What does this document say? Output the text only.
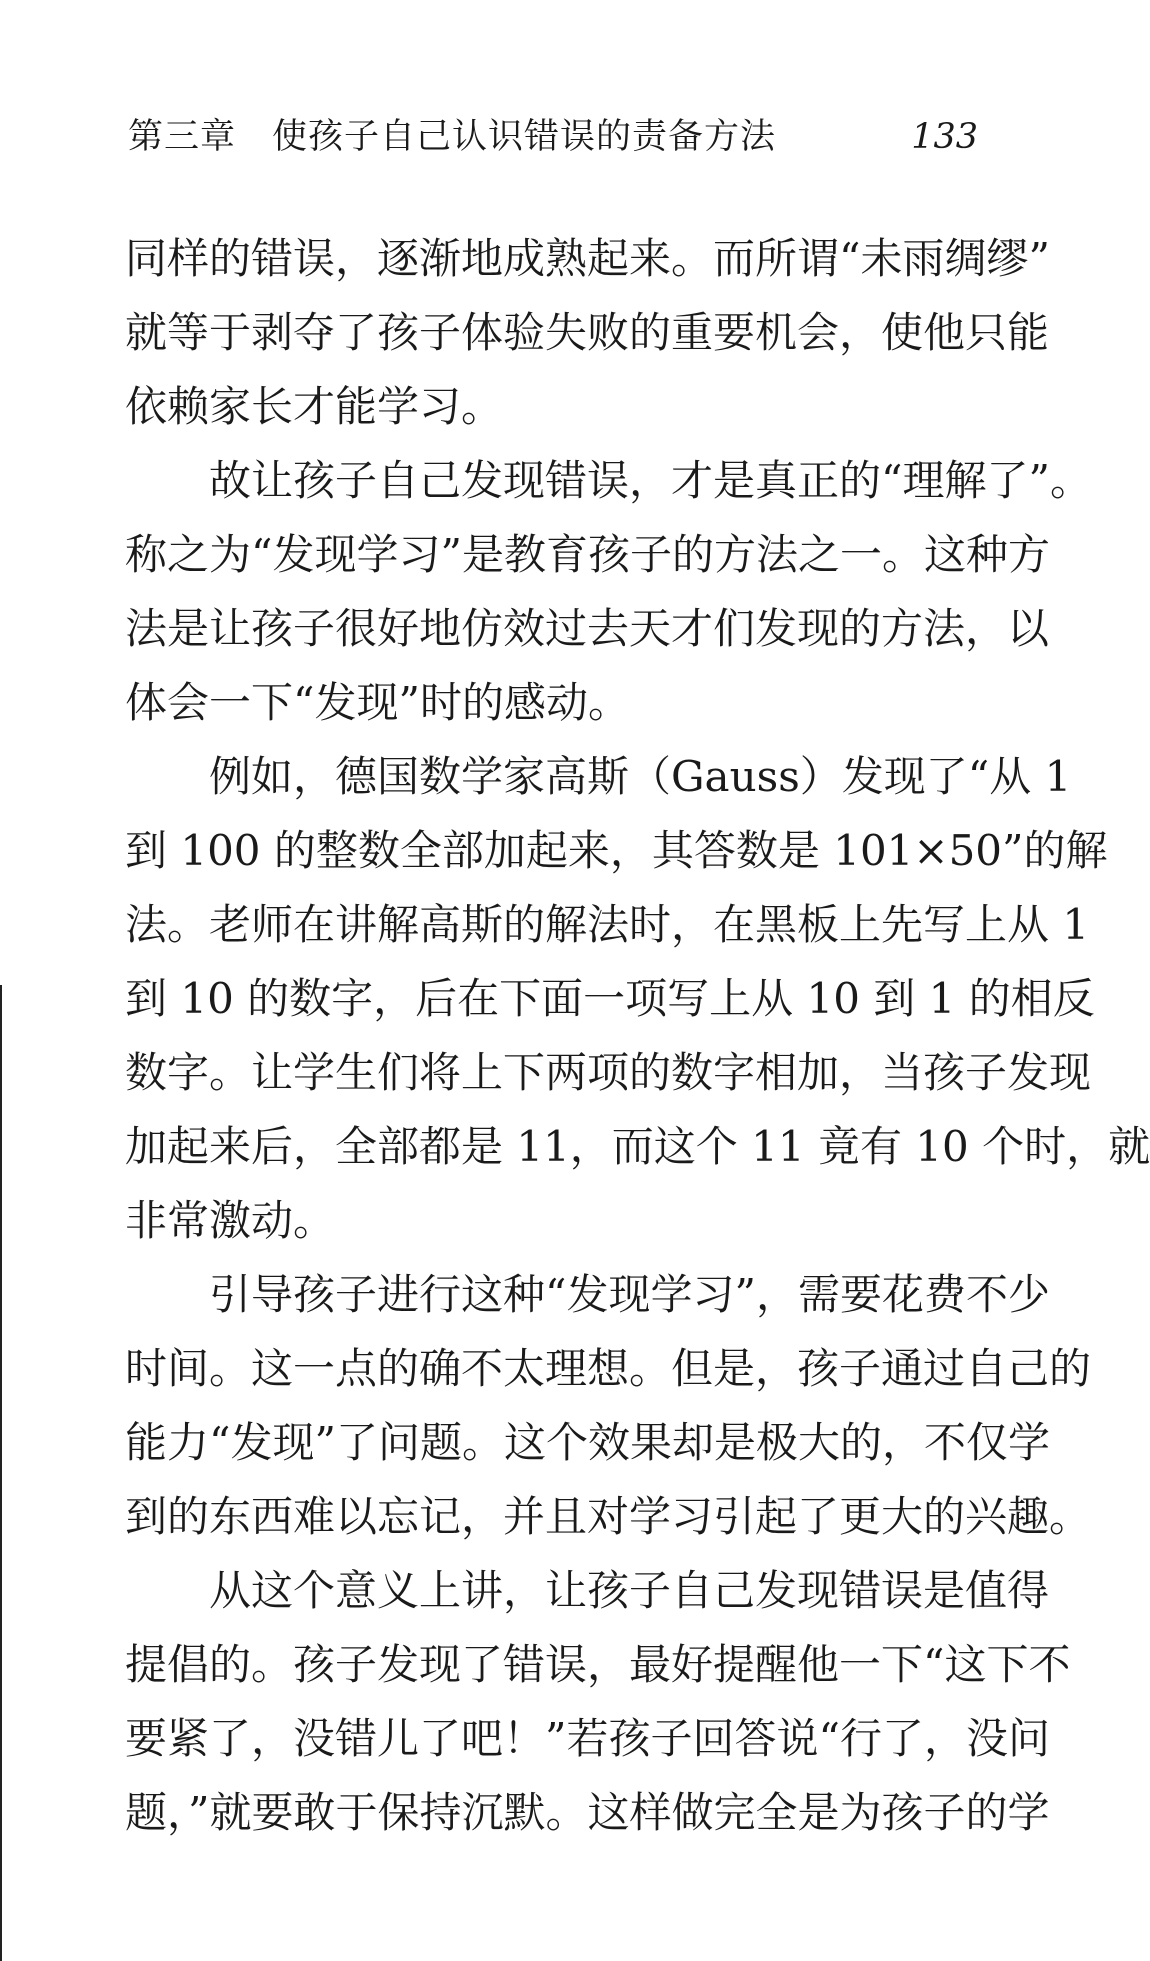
第三章　使孩子自己认识错误的责备方法	133
同样的错误，逐渐地成熟起来。而所谓“未雨绸缪”
就等于剥夺了孩子体验失败的重要机会，使他只能
依赖家长才能学习。
　　故让孩子自己发现错误，才是真正的“理解了”。
称之为“发现学习”是教育孩子的方法之一。这种方
法是让孩子很好地仿效过去天才们发现的方法，以
体会一下“发现”时的感动。
　　例如，德国数学家高斯（Gauss）发现了“从 1
到 100 的整数全部加起来，其答数是 101×50”的解
法。老师在讲解高斯的解法时，在黑板上先写上从 1
到 10 的数字，后在下面一项写上从 10 到 1 的相反
数字。让学生们将上下两项的数字相加，当孩子发现
加起来后，全部都是 11，而这个 11 竟有 10 个时，就
非常激动。
　　引导孩子进行这种“发现学习”，需要花费不少
时间。这一点的确不太理想。但是，孩子通过自己的
能力“发现”了问题。这个效果却是极大的，不仅学
到的东西难以忘记，并且对学习引起了更大的兴趣。
　　从这个意义上讲，让孩子自己发现错误是值得
提倡的。孩子发现了错误，最好提醒他一下“这下不
要紧了，没错儿了吧！”若孩子回答说“行了，没问
题，”就要敢于保持沉默。这样做完全是为孩子的学
